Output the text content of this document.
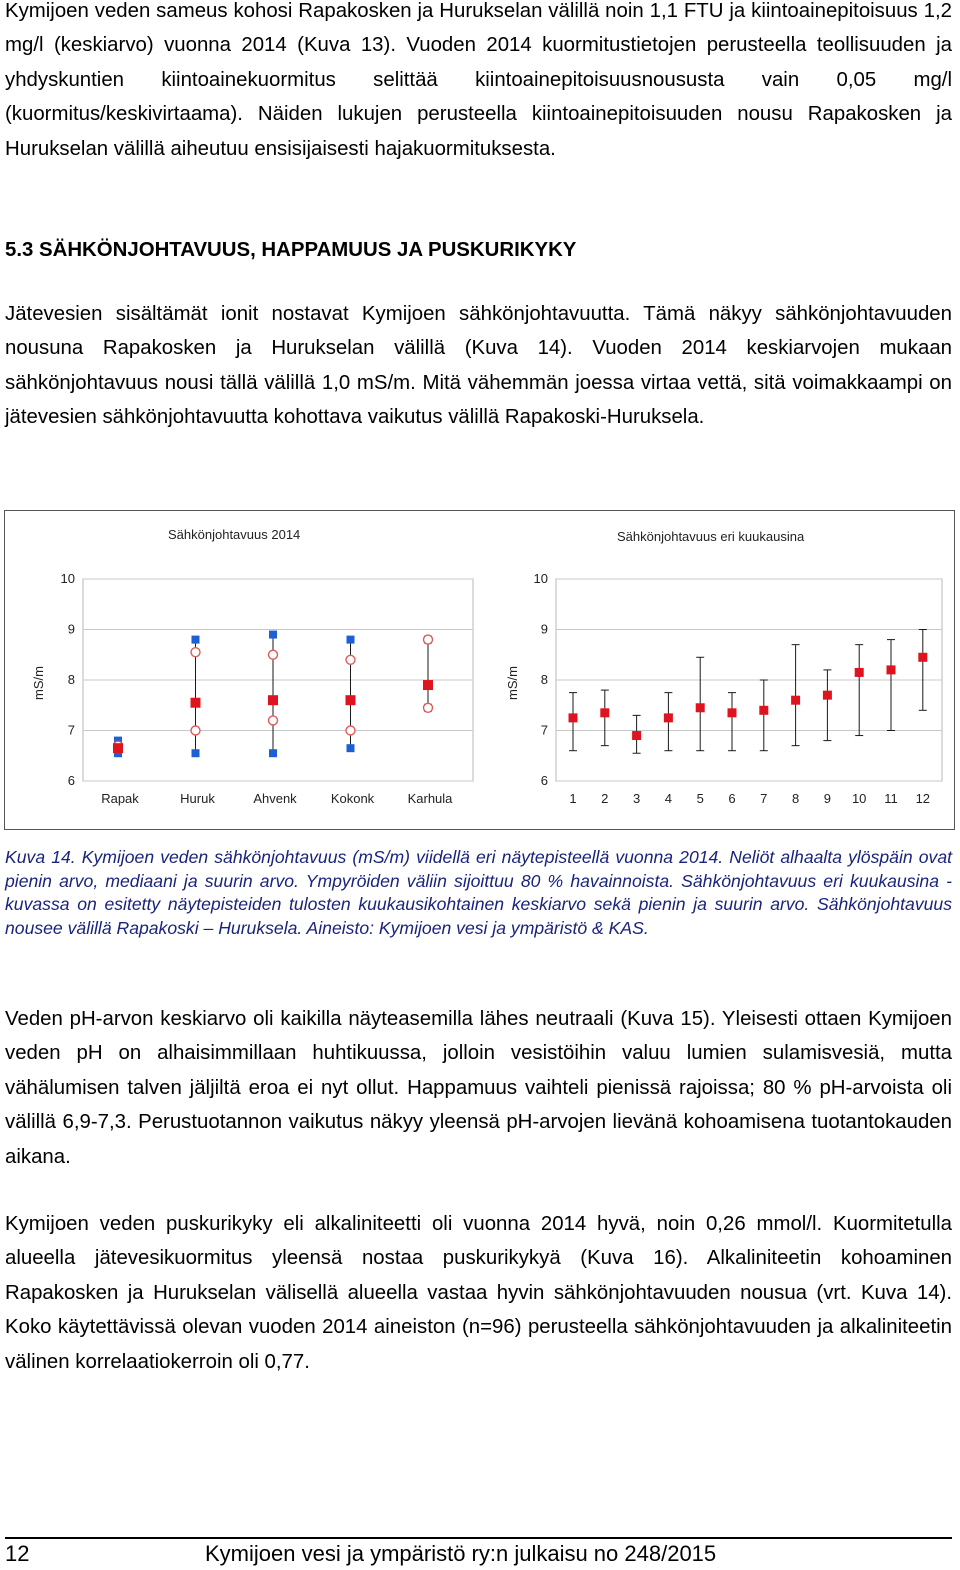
Kymijoen veden sameus kohosi Rapakosken ja Hurukselan välillä noin 1,1 FTU ja kiintoainepitoisuus 1,2 mg/l (keskiarvo) vuonna 2014 (Kuva 13). Vuoden 2014 kuormitustietojen perusteella teollisuuden ja yhdyskuntien kiintoainekuormitus selittää kiintoainepitoisuusnoususta vain 0,05 mg/l (kuormitus/keskivirtaama). Näiden lukujen perusteella kiintoainepitoisuuden nousu Rapakosken ja Hurukselan välillä aiheutuu ensisijaisesti hajakuormituksesta.

5.3 SÄHKÖNJOHTAVUUS, HAPPAMUUS JA PUSKURIKYKY

Jätevesien sisältämät ionit nostavat Kymijoen sähkönjohtavuutta. Tämä näkyy sähkönjohtavuuden nousuna Rapakosken ja Hurukselan välillä (Kuva 14). Vuoden 2014 keskiarvojen mukaan sähkönjohtavuus nousi tällä välillä 1,0 mS/m. Mitä vähemmän joessa virtaa vettä, sitä voimakkaampi on jätevesien sähkönjohtavuutta kohottava vaikutus välillä Rapakoski-Huruksela.

Sähkönjohtavuus 2014
mS/m
6
7
8
9
10
Rapak	Huruk	Ahvenk	Kokonk	Karhula
Sähkönjohtavuus eri kuukausina
mS/m
6
7
8
9
10
1 2 3 4 5 6 7 8 9 10 11 12

Kuva 14. Kymijoen veden sähkönjohtavuus (mS/m) viidellä eri näytepisteellä vuonna 2014. Neliöt alhaalta ylöspäin ovat pienin arvo, mediaani ja suurin arvo. Ympyröiden väliin sijoittuu 80 % havainnoista. Sähkönjohtavuus eri kuukausina -kuvassa on esitetty näytepisteiden tulosten kuukausikohtainen keskiarvo sekä pienin ja suurin arvo. Sähkönjohtavuus nousee välillä Rapakoski – Huruksela. Aineisto: Kymijoen vesi ja ympäristö & KAS.

Veden pH-arvon keskiarvo oli kaikilla näyteasemilla lähes neutraali (Kuva 15). Yleisesti ottaen Kymijoen veden pH on alhaisimmillaan huhtikuussa, jolloin vesistöihin valuu lumien sulamisvesiä, mutta vähälumisen talven jäljiltä eroa ei nyt ollut. Happamuus vaihteli pienissä rajoissa; 80 % pH-arvoista oli välillä 6,9-7,3. Perustuotannon vaikutus näkyy yleensä pH-arvojen lievänä kohoamisena tuotantokauden aikana.

Kymijoen veden puskurikyky eli alkaliniteetti oli vuonna 2014 hyvä, noin 0,26 mmol/l. Kuormitetulla alueella jätevesikuormitus yleensä nostaa puskurikykyä (Kuva 16). Alkaliniteetin kohoaminen Rapakosken ja Hurukselan välisellä alueella vastaa hyvin sähkönjohtavuuden nousua (vrt. Kuva 14). Koko käytettävissä olevan vuoden 2014 aineiston (n=96) perusteella sähkönjohtavuuden ja alkaliniteetin välinen korrelaatiokerroin oli 0,77.

12	Kymijoen vesi ja ympäristö ry:n julkaisu no 248/2015
